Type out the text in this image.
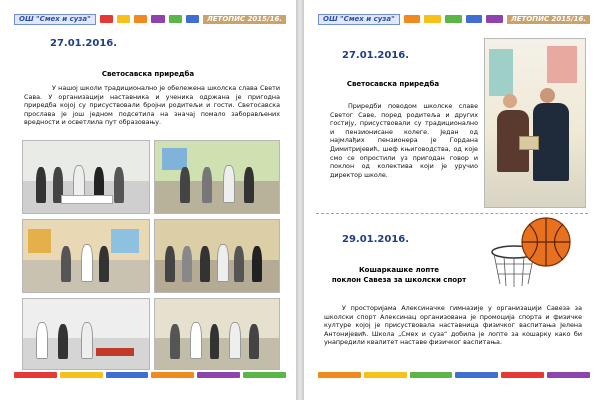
ОШ "Смех и суза"	ЛЕТОПИС 2015/16.
27.01.2016.
Светосавска приредба
У нашој школи традиционално је обележена школска слава Свети Сава. У организацији наставника и ученика одржана је пригодна приредба којој су присуствовали бројни родитељи и гости. Светосавска прослава је још једном подсетила на значај помало заборављених вредности и осветлила пут образовању.
ОШ "Смех и суза"	ЛЕТОПИС 2015/16.
27.01.2016.
Светосавска приредба
Приредби поводом школске славе Светог Саве, поред родитеља и других гостију, присуствовали су традиционално и пензионисане колеге. Један од најмлађих пензионера је Гордана Димитријевић, шеф књиговодства, од које смо се опростили уз пригодан говор и поклон од колектива који је уручио директор школе.
29.01.2016.
Кошаркашке лопте
поклон Савеза за школски спорт
У просторијама Алексиначке гимназије у организацији Савеза за школски спорт Алексинац организована је промоција спорта и физичке културе којој је присуствовала наставница физичког васпитања Јелена Антонијевић. Школа „Смех и суза“ добила је лопте за кошарку како би унапредили квалитет наставе физичког васпитања.
